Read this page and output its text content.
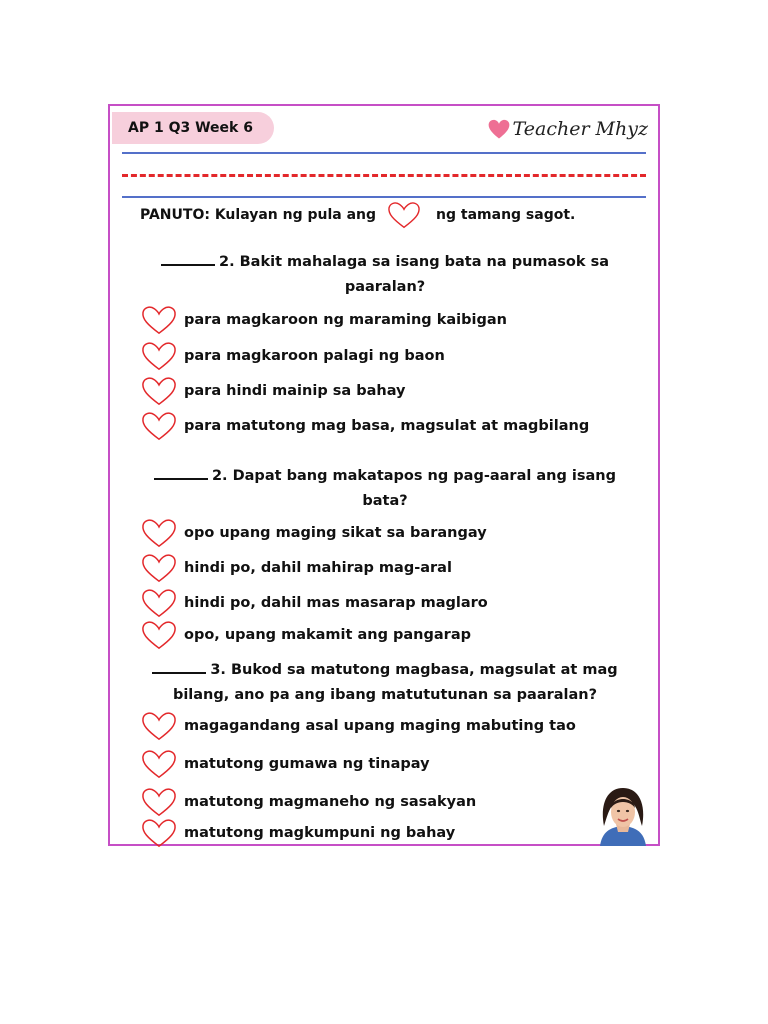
AP 1 Q3 Week 6	Teacher Mhyz
PANUTO: Kulayan ng pula ang	ng tamang sagot.
2. Bakit mahalaga sa isang bata na pumasok sa
paaralan?
para magkaroon ng maraming kaibigan
para magkaroon palagi ng baon
para hindi mainip sa bahay
para matutong mag basa, magsulat at magbilang
2. Dapat bang makatapos ng pag-aaral ang isang
bata?
opo upang maging sikat sa barangay
hindi po, dahil mahirap mag-aral
hindi po, dahil mas masarap maglaro
opo, upang makamit ang pangarap
3. Bukod sa matutong magbasa, magsulat at mag
bilang, ano pa ang ibang matututunan sa paaralan?
magagandang asal upang maging mabuting tao
matutong gumawa ng tinapay
matutong magmaneho ng sasakyan
matutong magkumpuni ng bahay
